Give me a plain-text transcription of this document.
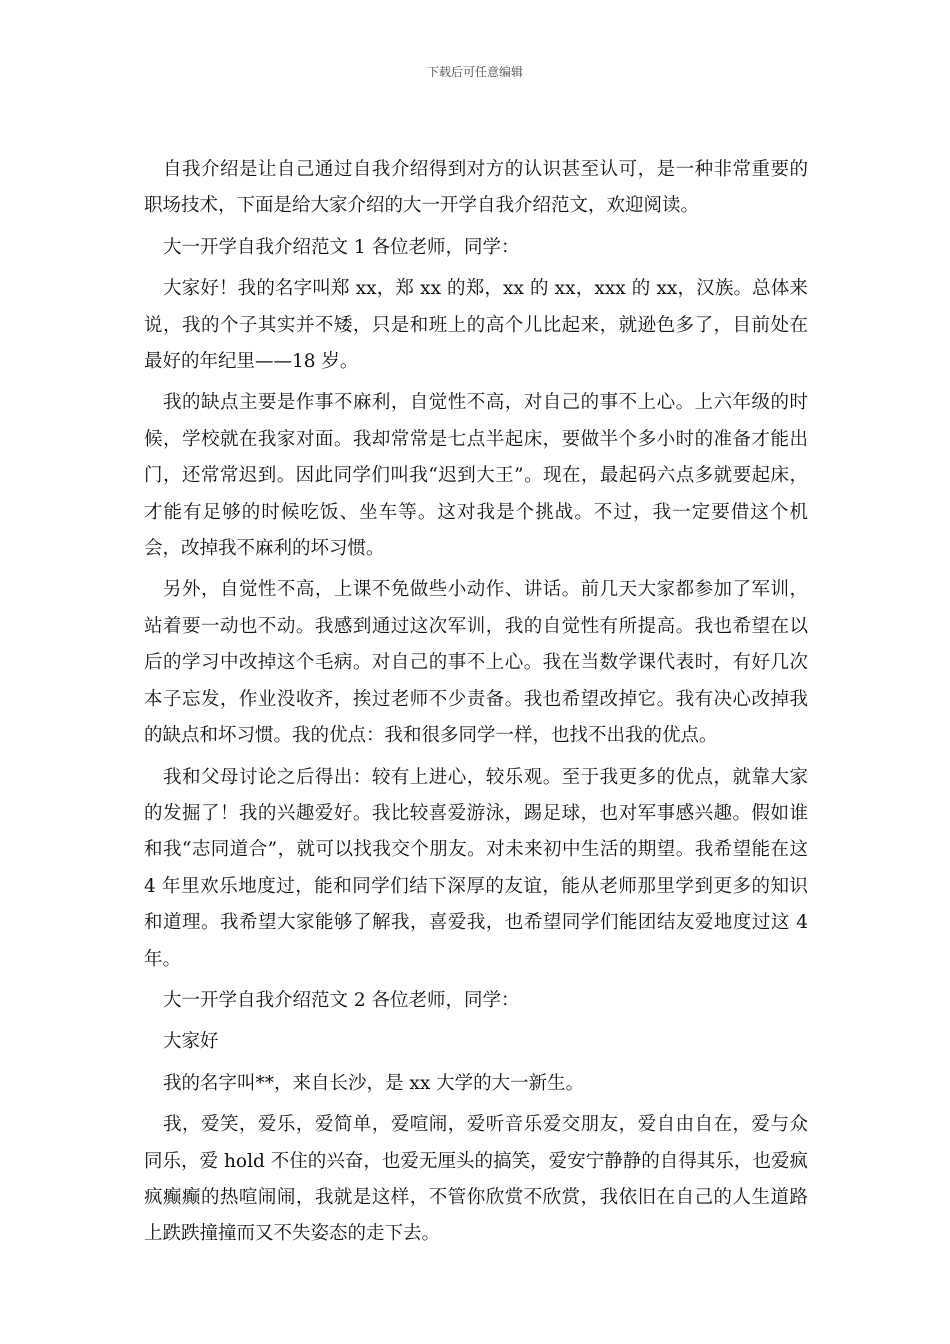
下载后可任意编辑

自我介绍是让自己通过自我介绍得到对方的认识甚至认可，是一种非常重要的职场技术，下面是给大家介绍的大一开学自我介绍范文，欢迎阅读。

大一开学自我介绍范文 1 各位老师，同学：

大家好！我的名字叫郑 xx，郑 xx 的郑，xx 的 xx，xxx 的 xx，汉族。总体来说，我的个子其实并不矮，只是和班上的高个儿比起来，就逊色多了，目前处在最好的年纪里——18 岁。

我的缺点主要是作事不麻利，自觉性不高，对自己的事不上心。上六年级的时候，学校就在我家对面。我却常常是七点半起床，要做半个多小时的准备才能出门，还常常迟到。因此同学们叫我“迟到大王”。现在，最起码六点多就要起床，才能有足够的时候吃饭、坐车等。这对我是个挑战。不过，我一定要借这个机会，改掉我不麻利的坏习惯。

另外，自觉性不高，上课不免做些小动作、讲话。前几天大家都参加了军训，站着要一动也不动。我感到通过这次军训，我的自觉性有所提高。我也希望在以后的学习中改掉这个毛病。对自己的事不上心。我在当数学课代表时，有好几次本子忘发，作业没收齐，挨过老师不少责备。我也希望改掉它。我有决心改掉我的缺点和坏习惯。我的优点：我和很多同学一样，也找不出我的优点。

我和父母讨论之后得出：较有上进心，较乐观。至于我更多的优点，就靠大家的发掘了！我的兴趣爱好。我比较喜爱游泳，踢足球，也对军事感兴趣。假如谁和我“志同道合”，就可以找我交个朋友。对未来初中生活的期望。我希望能在这 4 年里欢乐地度过，能和同学们结下深厚的友谊，能从老师那里学到更多的知识和道理。我希望大家能够了解我，喜爱我，也希望同学们能团结友爱地度过这 4 年。

大一开学自我介绍范文 2 各位老师，同学：

大家好

我的名字叫**，来自长沙，是 xx 大学的大一新生。

我，爱笑，爱乐，爱简单，爱喧闹，爱听音乐爱交朋友，爱自由自在，爱与众同乐，爱 hold 不住的兴奋，也爱无厘头的搞笑，爱安宁静静的自得其乐，也爱疯疯癫癫的热喧闹闹，我就是这样，不管你欣赏不欣赏，我依旧在自己的人生道路上跌跌撞撞而又不失姿态的走下去。
